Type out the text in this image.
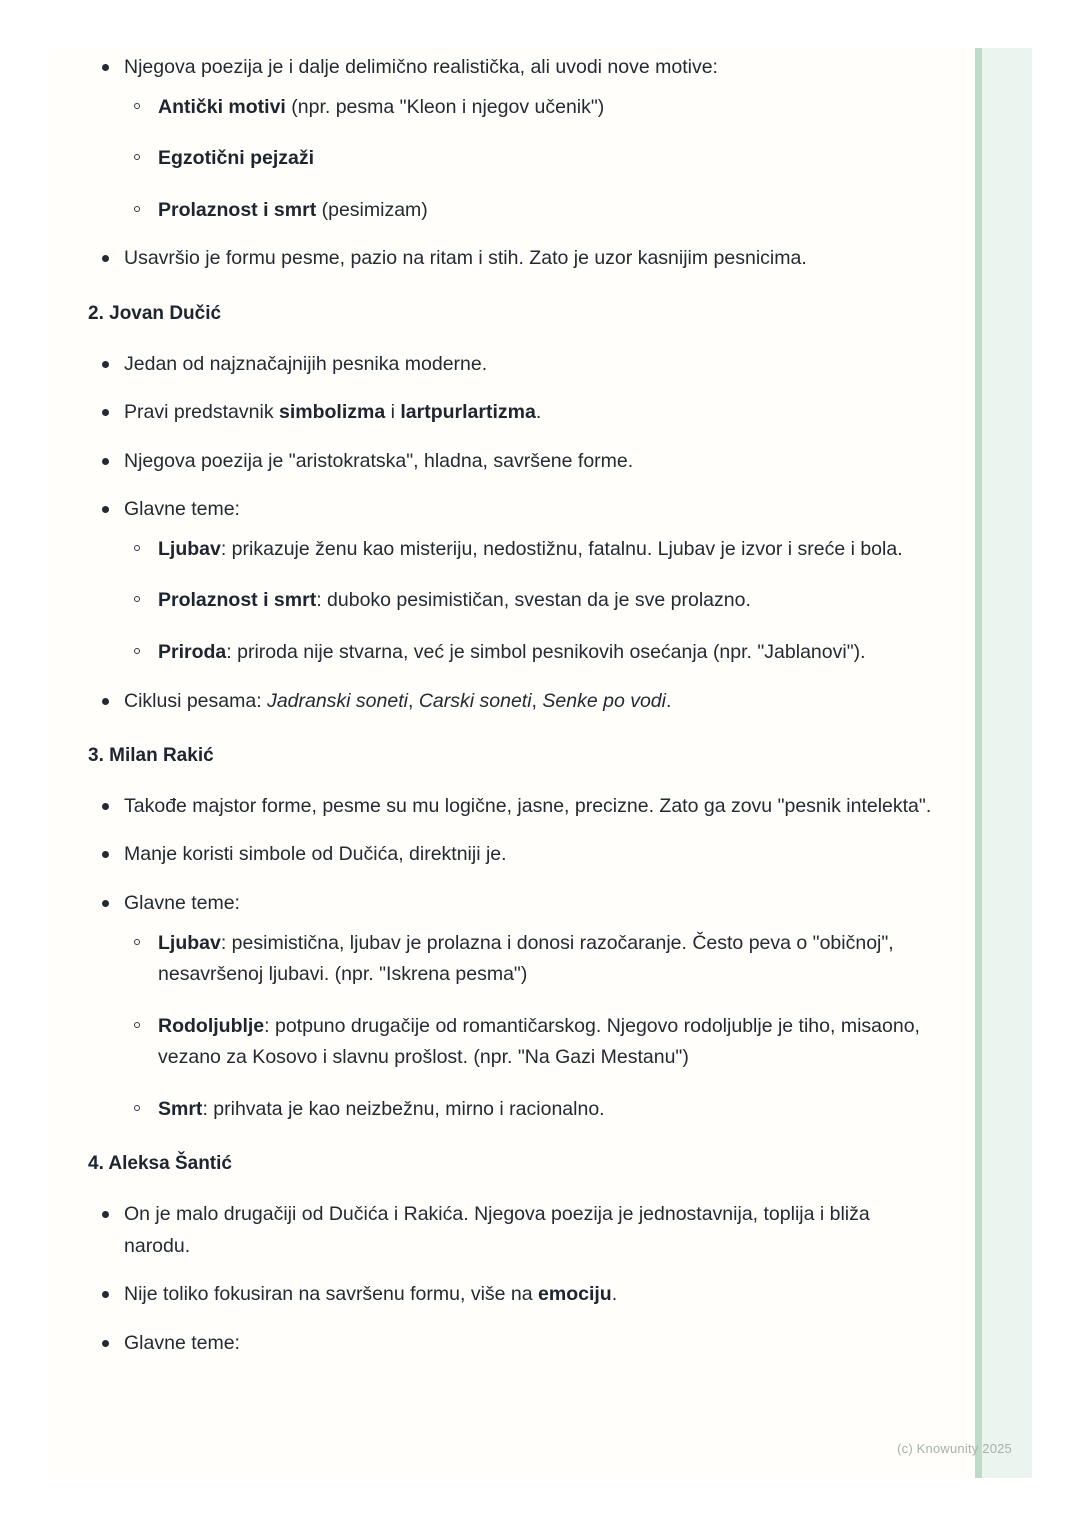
Njegova poezija je i dalje delimično realistička, ali uvodi nove motive:
Antički motivi (npr. pesma "Kleon i njegov učenik")
Egzotični pejzaži
Prolaznost i smrt (pesimizam)
Usavršio je formu pesme, pazio na ritam i stih. Zato je uzor kasnijim pesnicima.
2. Jovan Dučić
Jedan od najznačajnijih pesnika moderne.
Pravi predstavnik simbolizma i lartpurlartizma.
Njegova poezija je "aristokratska", hladna, savršene forme.
Glavne teme:
Ljubav: prikazuje ženu kao misteriju, nedostižnu, fatalnu. Ljubav je izvor i sreće i bola.
Prolaznost i smrt: duboko pesimističan, svestan da je sve prolazno.
Priroda: priroda nije stvarna, već je simbol pesnikovih osećanja (npr. "Jablanovi").
Ciklusi pesama: Jadranski soneti, Carski soneti, Senke po vodi.
3. Milan Rakić
Takođe majstor forme, pesme su mu logične, jasne, precizne. Zato ga zovu "pesnik intelekta".
Manje koristi simbole od Dučića, direktniji je.
Glavne teme:
Ljubav: pesimistična, ljubav je prolazna i donosi razočaranje. Često peva o "običnoj", nesavršenoj ljubavi. (npr. "Iskrena pesma")
Rodoljublje: potpuno drugačije od romantičarskog. Njegovo rodoljublje je tiho, misaono, vezano za Kosovo i slavnu prošlost. (npr. "Na Gazi Mestanu")
Smrt: prihvata je kao neizbežnu, mirno i racionalno.
4. Aleksa Šantić
On je malo drugačiji od Dučića i Rakića. Njegova poezija je jednostavnija, toplija i bliža narodu.
Nije toliko fokusiran na savršenu formu, više na emociju.
Glavne teme:
(c) Knowunity 2025
